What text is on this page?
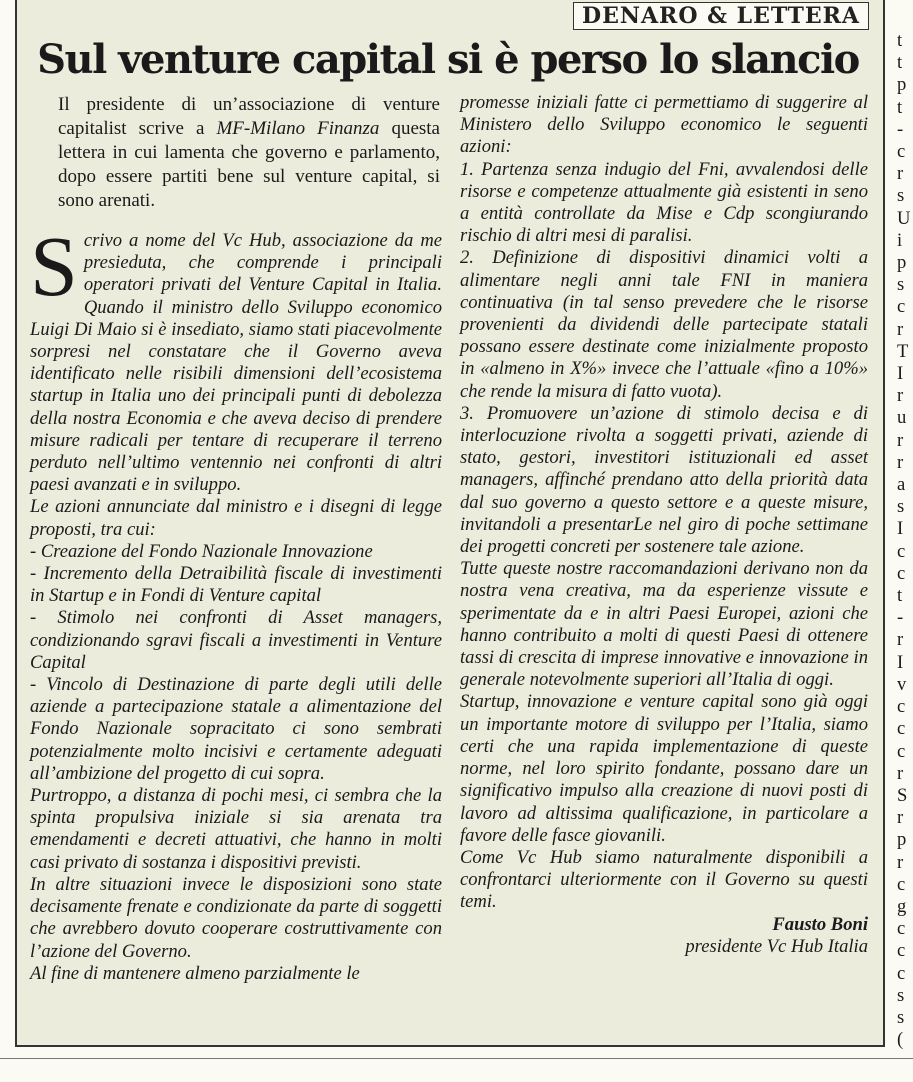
DENARO & LETTERA
Sul venture capital si è perso lo slancio
Il presidente di un’associazione di venture capitalist scrive a MF-Milano Finanza questa lettera in cui lamenta che governo e parlamento, dopo essere partiti bene sul venture capital, si sono arenati.

Scrivo a nome del Vc Hub, associazione da me presieduta, che comprende i principali operatori privati del Venture Capital in Italia. Quando il ministro dello Sviluppo economico Luigi Di Maio si è insediato, siamo stati piacevolmente sorpresi nel constatare che il Governo aveva identificato nelle risibili dimensioni dell’ecosistema startup in Italia uno dei principali punti di debolezza della nostra Economia e che aveva deciso di prendere misure radicali per tentare di recuperare il terreno perduto nell’ultimo ventennio nei confronti di altri paesi avanzati e in sviluppo.

Le azioni annunciate dal ministro e i disegni di legge proposti, tra cui:

- Creazione del Fondo Nazionale Innovazione

- Incremento della Detraibilità fiscale di investimenti in Startup e in Fondi di Venture capital

- Stimolo nei confronti di Asset managers, condizionando sgravi fiscali a investimenti in Venture Capital

- Vincolo di Destinazione di parte degli utili delle aziende a partecipazione statale a alimentazione del Fondo Nazionale sopracitato ci sono sembrati potenzialmente molto incisivi e certamente adeguati all’ambizione del progetto di cui sopra.

Purtroppo, a distanza di pochi mesi, ci sembra che la spinta propulsiva iniziale si sia arenata tra emendamenti e decreti attuativi, che hanno in molti casi privato di sostanza i dispositivi previsti.

In altre situazioni invece le disposizioni sono state decisamente frenate e condizionate da parte di soggetti che avrebbero dovuto cooperare costruttivamente con l’azione del Governo.

Al fine di mantenere almeno parzialmente le

promesse iniziali fatte ci permettiamo di suggerire al Ministero dello Sviluppo economico le seguenti azioni:

1. Partenza senza indugio del Fni, avvalendosi delle risorse e competenze attualmente già esistenti in seno a entità controllate da Mise e Cdp scongiurando rischio di altri mesi di paralisi.

2. Definizione di dispositivi dinamici volti a alimentare negli anni tale FNI in maniera continuativa (in tal senso prevedere che le risorse provenienti da dividendi delle partecipate statali possano essere destinate come inizialmente proposto in «almeno in X%» invece che l’attuale «fino a 10%» che rende la misura di fatto vuota).

3. Promuovere un’azione di stimolo decisa e di interlocuzione rivolta a soggetti privati, aziende di stato, gestori, investitori istituzionali ed asset managers, affinché prendano atto della priorità data dal suo governo a questo settore e a queste misure, invitandoli a presentarLe nel giro di poche settimane dei progetti concreti per sostenere tale azione.

Tutte queste nostre raccomandazioni derivano non da nostra vena creativa, ma da esperienze vissute e sperimentate da e in altri Paesi Europei, azioni che hanno contribuito a molti di questi Paesi di ottenere tassi di crescita di imprese innovative e innovazione in generale notevolmente superiori all’Italia di oggi.

Startup, innovazione e venture capital sono già oggi un importante motore di sviluppo per l’Italia, siamo certi che una rapida implementazione di queste norme, nel loro spirito fondante, possano dare un significativo impulso alla creazione di nuovi posti di lavoro ad altissima qualificazione, in particolare a favore delle fasce giovanili.

Come Vc Hub siamo naturalmente disponibili a confrontarci ulteriormente con il Governo su questi temi.

Fausto Boni

presidente Vc Hub Italia

t
t
p
t
-
c
r
s
U
i
p
s
c
r
T
I
r
u
r
r
a
s
I
c
c
t
-
r
I
v
c
c
c
r
S
r
p
r
c
g
c
c
c
s
s
(
